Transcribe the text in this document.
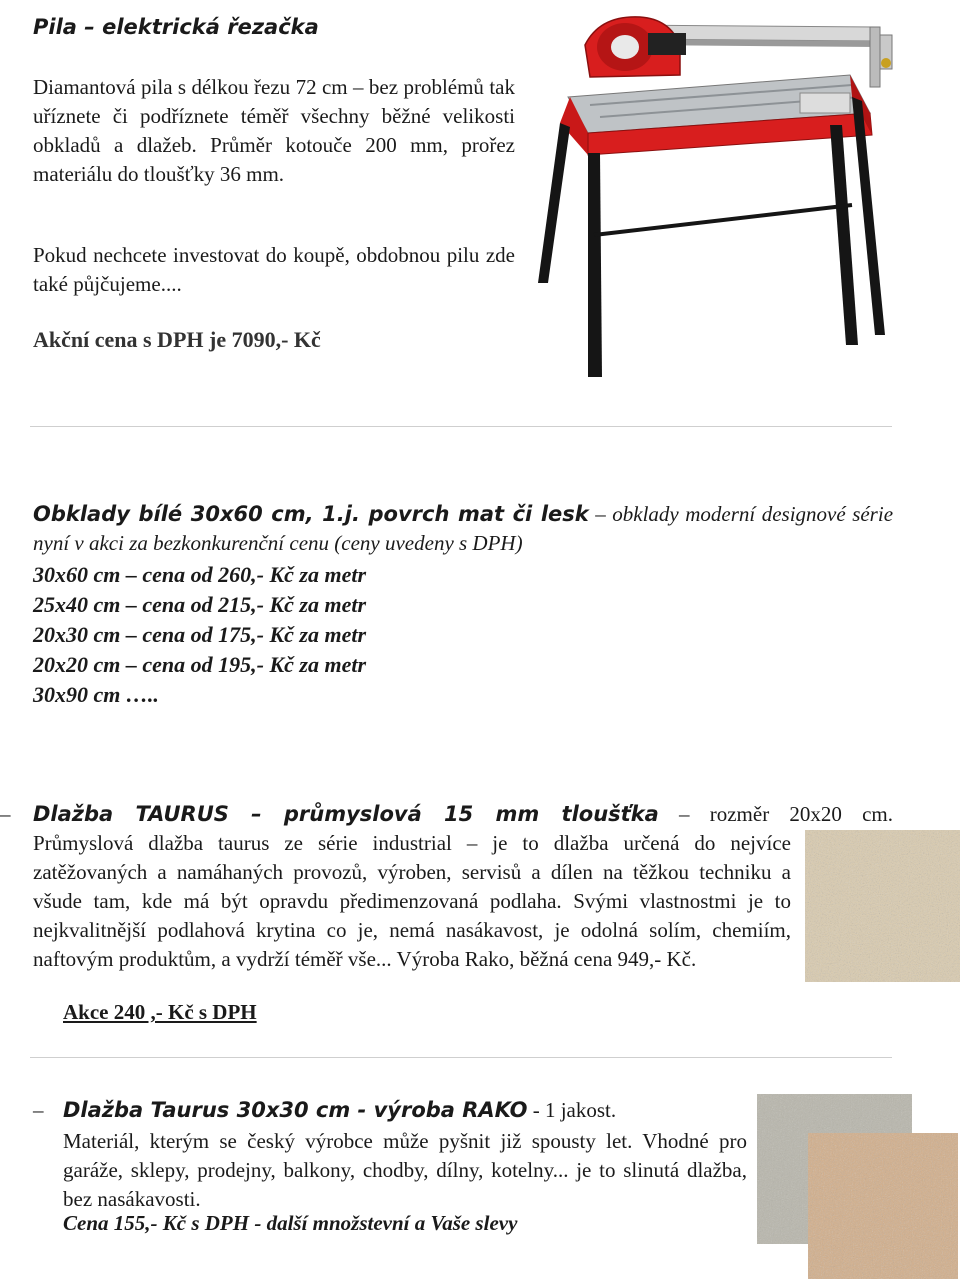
Pila – elektrická řezačka
Diamantová pila s délkou řezu 72 cm – bez problémů tak uříznete či podříznete téměř všechny běžné velikosti obkladů a dlažeb. Průměr kotouče 200 mm, prořez materiálu do tloušťky 36 mm.
Pokud nechcete investovat do koupě, obdobnou pilu zde také půjčujeme....
Akční cena s DPH je 7090,- Kč
Obklady bílé 30x60 cm, 1.j. povrch mat či lesk – obklady moderní designové série nyní v akci za bezkonkurenční cenu (ceny uvedeny s DPH)
30x60 cm – cena od 260,- Kč za metr
25x40 cm – cena od 215,- Kč za metr
20x30 cm – cena od 175,- Kč za metr
20x20 cm – cena od 195,- Kč za metr
30x90 cm …..
– Dlažba TAURUS – průmyslová 15 mm tloušťka – rozměr 20x20 cm.
Průmyslová dlažba taurus ze série industrial – je to dlažba určená do nejvíce zatěžovaných a namáhaných provozů, výroben, servisů a dílen na těžkou techniku a všude tam, kde má být opravdu předimenzovaná podlaha. Svými vlastnostmi je to nejkvalitnější podlahová krytina co je, nemá nasákavost, je odolná solím, chemiím, naftovým produktům, a vydrží téměř vše... Výroba Rako, běžná cena 949,- Kč.
Akce 240 ,- Kč s DPH
– Dlažba Taurus 30x30 cm - výroba RAKO - 1 jakost.
Materiál, kterým se český výrobce může pyšnit již spousty let. Vhodné pro garáže, sklepy, prodejny, balkony, chodby, dílny, kotelny... je to slinutá dlažba, bez nasákavosti.
Cena 155,- Kč s DPH - další množstevní a Vaše slevy
